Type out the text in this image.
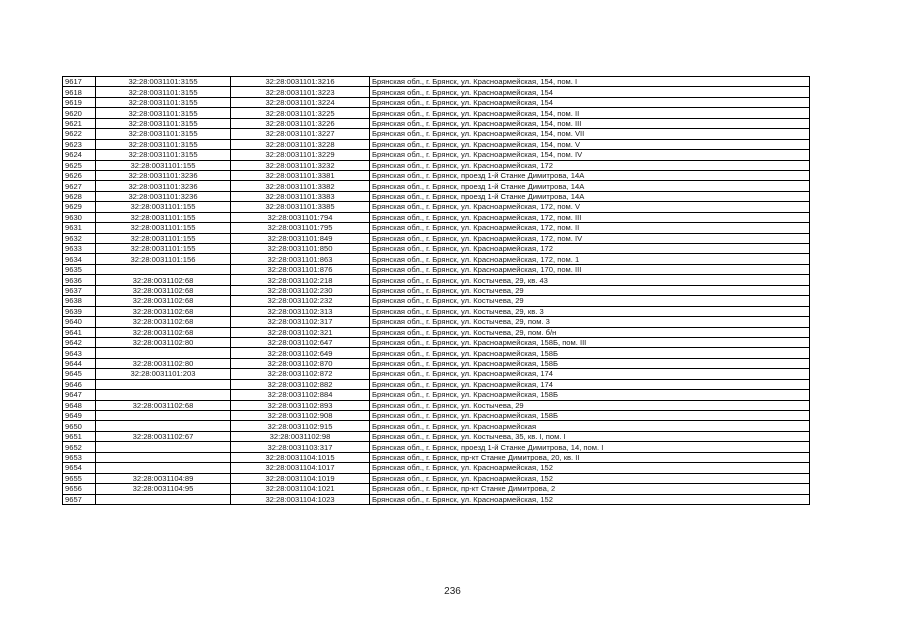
9617	32:28:0031101:3155	32:28:0031101:3216	Брянская обл., г. Брянск, ул. Красноармейская, 154, пом. I
9618	32:28:0031101:3155	32:28:0031101:3223	Брянская обл., г. Брянск, ул. Красноармейская, 154
9619	32:28:0031101:3155	32:28:0031101:3224	Брянская обл., г. Брянск, ул. Красноармейская, 154
9620	32:28:0031101:3155	32:28:0031101:3225	Брянская обл., г. Брянск, ул. Красноармейская, 154, пом. II
9621	32:28:0031101:3155	32:28:0031101:3226	Брянская обл., г. Брянск, ул. Красноармейская, 154, пом. III
9622	32:28:0031101:3155	32:28:0031101:3227	Брянская обл., г. Брянск, ул. Красноармейская, 154, пом. VII
9623	32:28:0031101:3155	32:28:0031101:3228	Брянская обл., г. Брянск, ул. Красноармейская, 154, пом. V
9624	32:28:0031101:3155	32:28:0031101:3229	Брянская обл., г. Брянск, ул. Красноармейская, 154, пом. IV
9625	32:28:0031101:155	32:28:0031101:3232	Брянская обл., г. Брянск, ул. Красноармейская, 172
9626	32:28:0031101:3236	32:28:0031101:3381	Брянская обл., г. Брянск, проезд 1-й Станке Димитрова, 14А
9627	32:28:0031101:3236	32:28:0031101:3382	Брянская обл., г. Брянск, проезд 1-й Станке Димитрова, 14А
9628	32:28:0031101:3236	32:28:0031101:3383	Брянская обл., г. Брянск, проезд 1-й Станке Димитрова, 14А
9629	32:28:0031101:155	32:28:0031101:3385	Брянская обл., г. Брянск, ул. Красноармейская, 172, пом. V
9630	32:28:0031101:155	32:28:0031101:794	Брянская обл., г. Брянск, ул. Красноармейская, 172, пом. III
9631	32:28:0031101:155	32:28:0031101:795	Брянская обл., г. Брянск, ул. Красноармейская, 172, пом. II
9632	32:28:0031101:155	32:28:0031101:849	Брянская обл., г. Брянск, ул. Красноармейская, 172, пом. IV
9633	32:28:0031101:155	32:28:0031101:850	Брянская обл., г. Брянск, ул. Красноармейская, 172
9634	32:28:0031101:156	32:28:0031101:863	Брянская обл., г. Брянск, ул. Красноармейская, 172, пом. 1
9635		32:28:0031101:876	Брянская обл., г. Брянск, ул. Красноармейская, 170, пом. III
9636	32:28:0031102:68	32:28:0031102:218	Брянская обл., г. Брянск, ул. Костычева, 29, кв. 43
9637	32:28:0031102:68	32:28:0031102:230	Брянская обл., г. Брянск, ул. Костычева, 29
9638	32:28:0031102:68	32:28:0031102:232	Брянская обл., г. Брянск, ул. Костычева, 29
9639	32:28:0031102:68	32:28:0031102:313	Брянская обл., г. Брянск, ул. Костычева, 29, кв. 3
9640	32:28:0031102:68	32:28:0031102:317	Брянская обл., г. Брянск, ул. Костычева, 29, пом. 3
9641	32:28:0031102:68	32:28:0031102:321	Брянская обл., г. Брянск, ул. Костычева, 29, пом. б/н
9642	32:28:0031102:80	32:28:0031102:647	Брянская обл., г. Брянск, ул. Красноармейская, 158Б, пом. III
9643		32:28:0031102:649	Брянская обл., г. Брянск, ул. Красноармейская, 158Б
9644	32:28:0031102:80	32:28:0031102:870	Брянская обл., г. Брянск, ул. Красноармейская, 158Б
9645	32:28:0031101:203	32:28:0031102:872	Брянская обл., г. Брянск, ул. Красноармейская, 174
9646		32:28:0031102:882	Брянская обл., г. Брянск, ул. Красноармейская, 174
9647		32:28:0031102:884	Брянская обл., г. Брянск, ул. Красноармейская, 158Б
9648	32:28:0031102:68	32:28:0031102:893	Брянская обл., г. Брянск, ул. Костычева, 29
9649		32:28:0031102:908	Брянская обл., г. Брянск, ул. Красноармейская, 158Б
9650		32:28:0031102:915	Брянская обл., г. Брянск, ул. Красноармейская
9651	32:28:0031102:67	32:28:0031102:98	Брянская обл., г. Брянск, ул. Костычева, 35, кв. I, пом. I
9652		32:28:0031103:317	Брянская обл., г. Брянск, проезд 1-й Станке Димитрова, 14, пом. I
9653		32:28:0031104:1015	Брянская обл., г. Брянск, пр-кт Станке Димитрова, 20, кв. II
9654		32:28:0031104:1017	Брянская обл., г. Брянск, ул. Красноармейская, 152
9655	32:28:0031104:89	32:28:0031104:1019	Брянская обл., г. Брянск, ул. Красноармейская, 152
9656	32:28:0031104:95	32:28:0031104:1021	Брянская обл., г. Брянск, пр-кт Станке Димитрова, 2
9657		32:28:0031104:1023	Брянская обл., г. Брянск, ул. Красноармейская, 152
236
